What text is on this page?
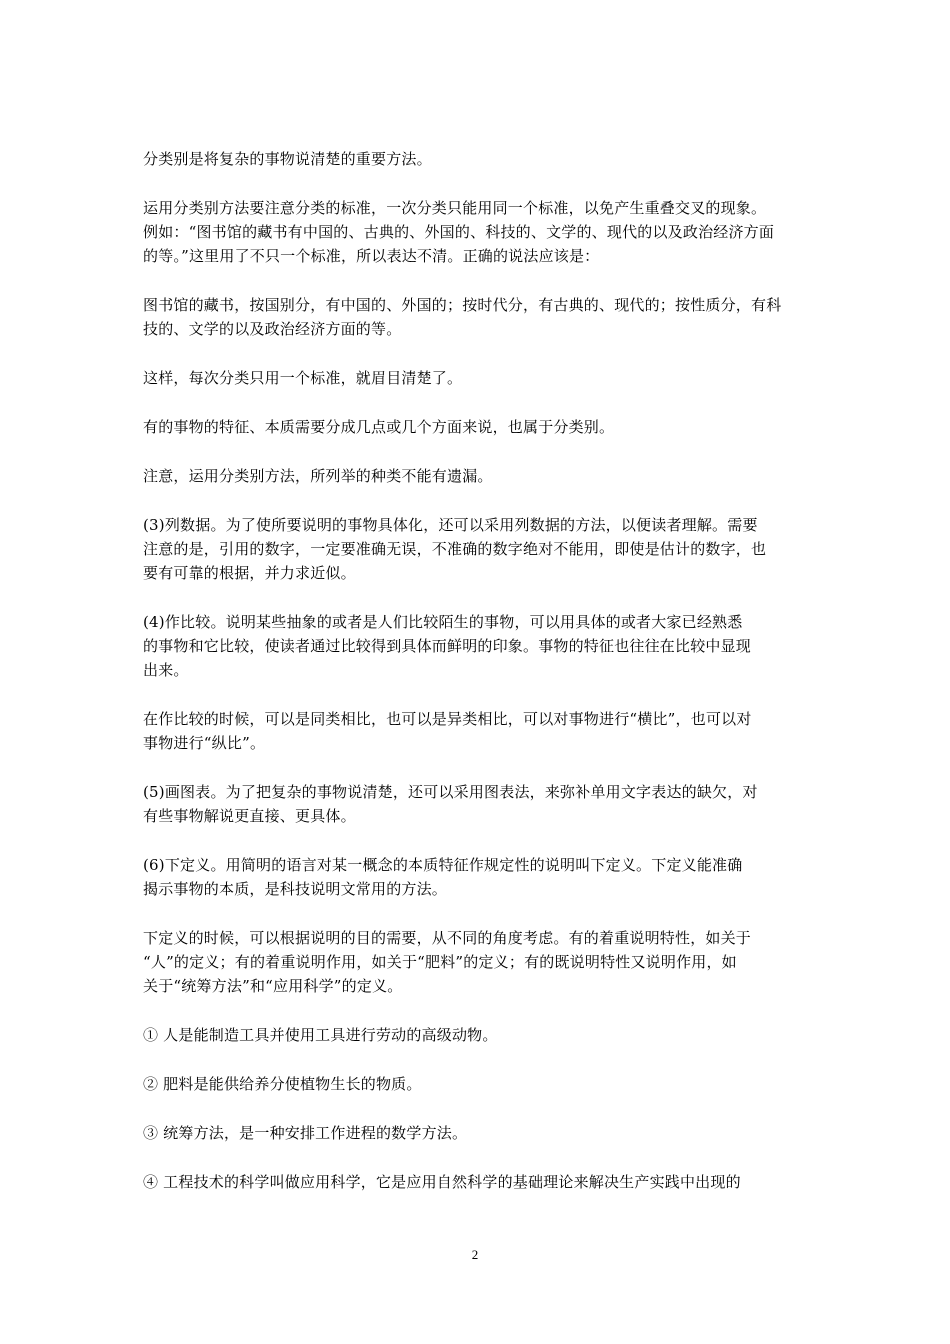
分类别是将复杂的事物说清楚的重要方法。

运用分类别方法要注意分类的标准，一次分类只能用同一个标准，以免产生重叠交叉的现象。
例如：“图书馆的藏书有中国的、古典的、外国的、科技的、文学的、现代的以及政治经济方面
的等。”这里用了不只一个标准，所以表达不清。正确的说法应该是：

图书馆的藏书，按国别分，有中国的、外国的；按时代分，有古典的、现代的；按性质分，有科
技的、文学的以及政治经济方面的等。

这样，每次分类只用一个标准，就眉目清楚了。

有的事物的特征、本质需要分成几点或几个方面来说，也属于分类别。

注意，运用分类别方法，所列举的种类不能有遗漏。

(3)列数据。为了使所要说明的事物具体化，还可以采用列数据的方法，以便读者理解。需要
注意的是，引用的数字，一定要准确无误，不准确的数字绝对不能用，即使是估计的数字，也
要有可靠的根据，并力求近似。

(4)作比较。说明某些抽象的或者是人们比较陌生的事物，可以用具体的或者大家已经熟悉
的事物和它比较，使读者通过比较得到具体而鲜明的印象。事物的特征也往往在比较中显现
出来。

在作比较的时候，可以是同类相比，也可以是异类相比，可以对事物进行“横比”，也可以对
事物进行“纵比”。

(5)画图表。为了把复杂的事物说清楚，还可以采用图表法，来弥补单用文字表达的缺欠，对
有些事物解说更直接、更具体。

(6)下定义。用简明的语言对某一概念的本质特征作规定性的说明叫下定义。下定义能准确
揭示事物的本质，是科技说明文常用的方法。

下定义的时候，可以根据说明的目的需要，从不同的角度考虑。有的着重说明特性，如关于
“人”的定义；有的着重说明作用，如关于“肥料”的定义；有的既说明特性又说明作用，如
关于“统筹方法”和“应用科学”的定义。

① 人是能制造工具并使用工具进行劳动的高级动物。

② 肥料是能供给养分使植物生长的物质。

③ 统筹方法，是一种安排工作进程的数学方法。

④ 工程技术的科学叫做应用科学，它是应用自然科学的基础理论来解决生产实践中出现的

2
